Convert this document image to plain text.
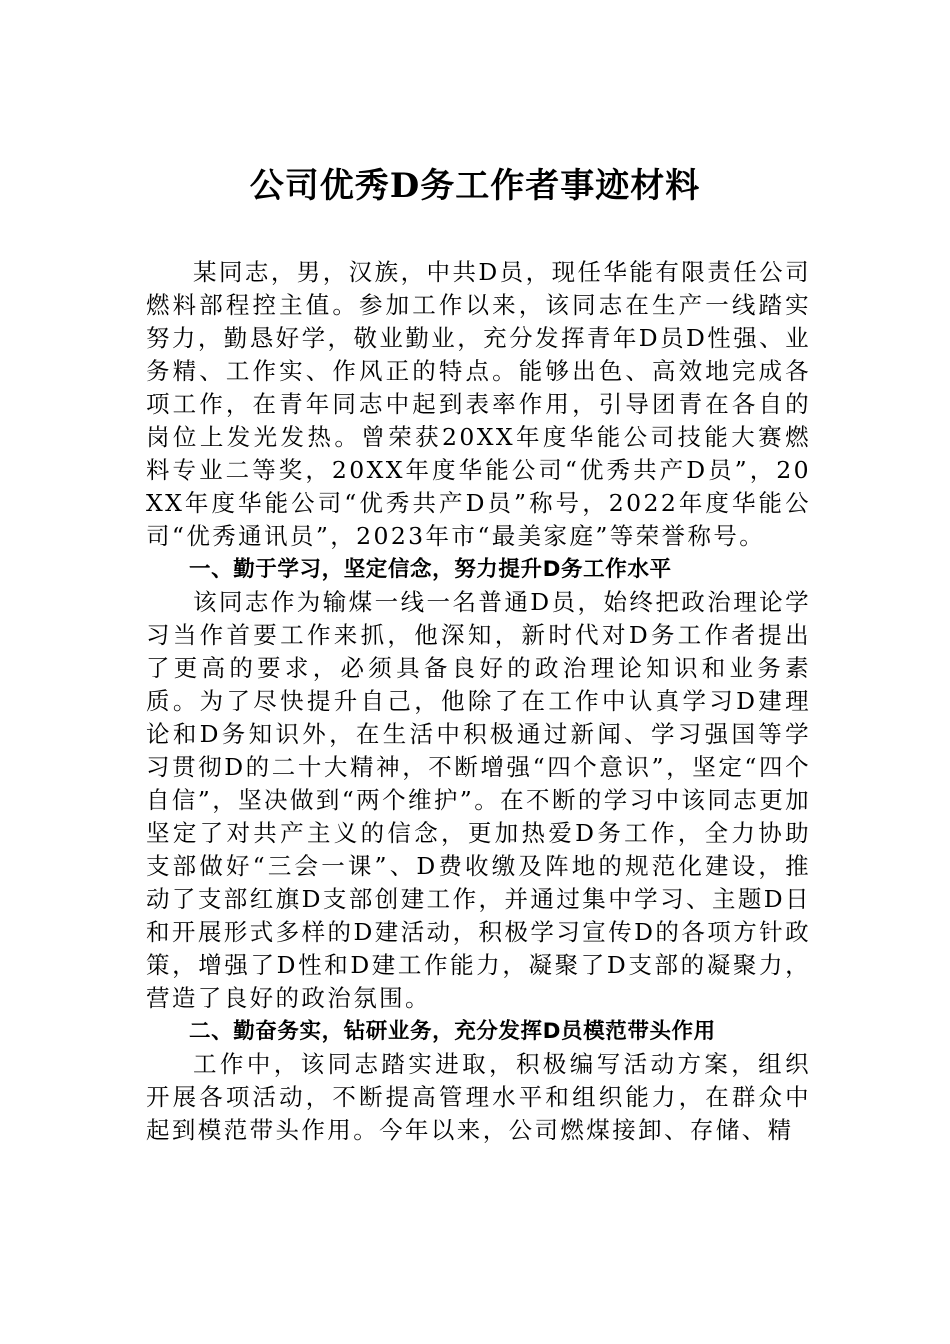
公司优秀D务工作者事迹材料

某同志，男，汉族，中共D员，现任华能有限责任公司燃料部程控主值。参加工作以来，该同志在生产一线踏实努力，勤恳好学，敬业勤业，充分发挥青年D员D性强、业务精、工作实、作风正的特点。能够出色、高效地完成各项工作，在青年同志中起到表率作用，引导团青在各自的岗位上发光发热。曾荣获20XX年度华能公司技能大赛燃料专业二等奖，20XX年度华能公司“优秀共产D员”，20XX年度华能公司“优秀共产D员”称号，2022年度华能公司“优秀通讯员”，2023年市“最美家庭”等荣誉称号。

一、勤于学习，坚定信念，努力提升D务工作水平

该同志作为输煤一线一名普通D员，始终把政治理论学习当作首要工作来抓，他深知，新时代对D务工作者提出了更高的要求，必须具备良好的政治理论知识和业务素质。为了尽快提升自己，他除了在工作中认真学习D建理论和D务知识外，在生活中积极通过新闻、学习强国等学习贯彻D的二十大精神，不断增强“四个意识”，坚定“四个自信”，坚决做到“两个维护”。在不断的学习中该同志更加坚定了对共产主义的信念，更加热爱D务工作，全力协助支部做好“三会一课”、D费收缴及阵地的规范化建设，推动了支部红旗D支部创建工作，并通过集中学习、主题D日和开展形式多样的D建活动，积极学习宣传D的各项方针政策，增强了D性和D建工作能力，凝聚了D支部的凝聚力，营造了良好的政治氛围。

二、勤奋务实，钻研业务，充分发挥D员模范带头作用

工作中，该同志踏实进取，积极编写活动方案，组织开展各项活动，不断提高管理水平和组织能力，在群众中起到模范带头作用。今年以来，公司燃煤接卸、存储、精
